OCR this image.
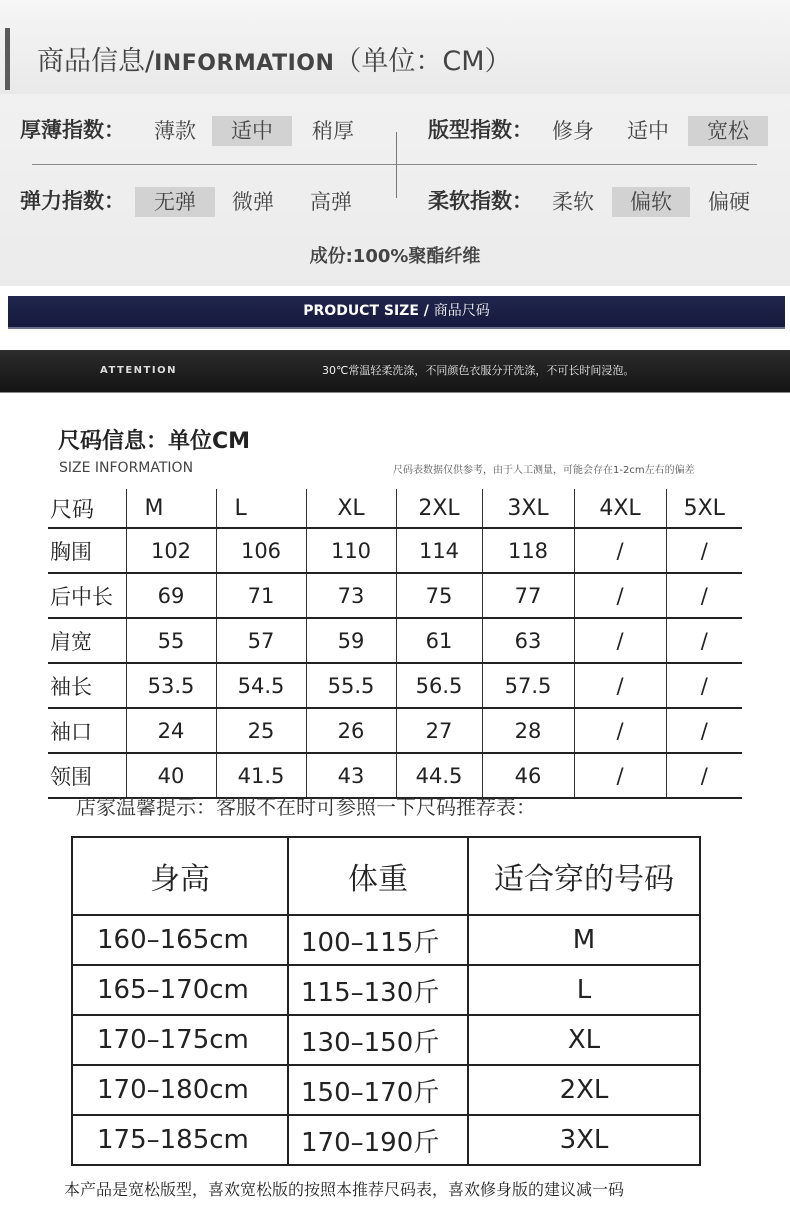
商品信息/INFORMATION（单位：CM）
厚薄指数：	薄款	适中	稍厚	版型指数： 修身	适中	宽松
弹力指数：	无弹	微弹	高弹	柔软指数： 柔软	偏软	偏硬
成份:100%聚酯纤维
PRODUCT SIZE / 商品尺码
ATTENTION	30℃常温轻柔洗涤，不同颜色衣服分开洗涤，不可长时间浸泡。
尺码信息：单位CM
SIZE INFORMATION	尺码表数据仅供参考，由于人工测量，可能会存在1-2cm左右的偏差
尺码	M	L	XL	2XL	3XL	4XL	5XL
胸围	102	106	110	114	118	/	/
后中长	69	71	73	75	77	/	/
肩宽	55	57	59	61	63	/	/
袖长	53.5	54.5	55.5	56.5	57.5	/	/
袖口	24	25	26	27	28	/	/
领围	40	41.5	43	44.5	46	/	/
店家温馨提示：客服不在时可参照一下尺码推荐表：
身高	体重	适合穿的号码
160–165cm	100–115斤	M
165–170cm	115–130斤	L
170–175cm	130–150斤	XL
170–180cm	150–170斤	2XL
175–185cm	170–190斤	3XL
本产品是宽松版型，喜欢宽松版的按照本推荐尺码表，喜欢修身版的建议减一码
